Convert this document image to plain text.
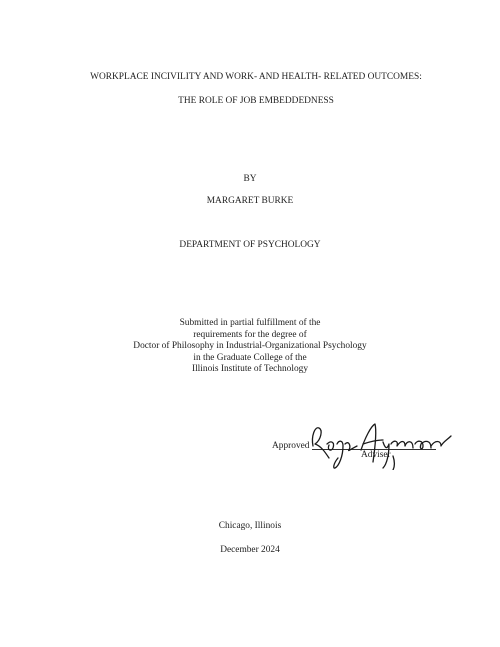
WORKPLACE INCIVILITY AND WORK- AND HEALTH- RELATED OUTCOMES:
THE ROLE OF JOB EMBEDDEDNESS
BY
MARGARET BURKE
DEPARTMENT OF PSYCHOLOGY
Submitted in partial fulfillment of the
requirements for the degree of
Doctor of Philosophy in Industrial-Organizational Psychology
in the Graduate College of the
Illinois Institute of Technology
Approved
Adviser
Chicago, Illinois
December 2024
